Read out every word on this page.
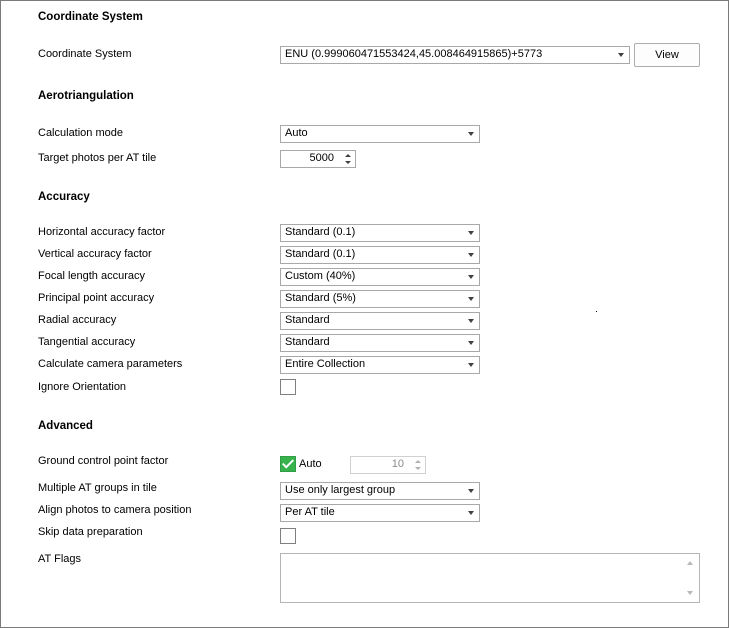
Coordinate System
Coordinate System	ENU (0.999060471553424,45.008464915865)+5773	View
Aerotriangulation
Calculation mode	Auto
Target photos per AT tile	5000
Accuracy
Horizontal accuracy factor	Standard (0.1)
Vertical accuracy factor	Standard (0.1)
Focal length accuracy	Custom (40%)
Principal point accuracy	Standard (5%)
Radial accuracy	Standard
Tangential accuracy	Standard
Calculate camera parameters	Entire Collection
Ignore Orientation
Advanced
Ground control point factor	Auto	10
Multiple AT groups in tile	Use only largest group
Align photos to camera position	Per AT tile
Skip data preparation
AT Flags
